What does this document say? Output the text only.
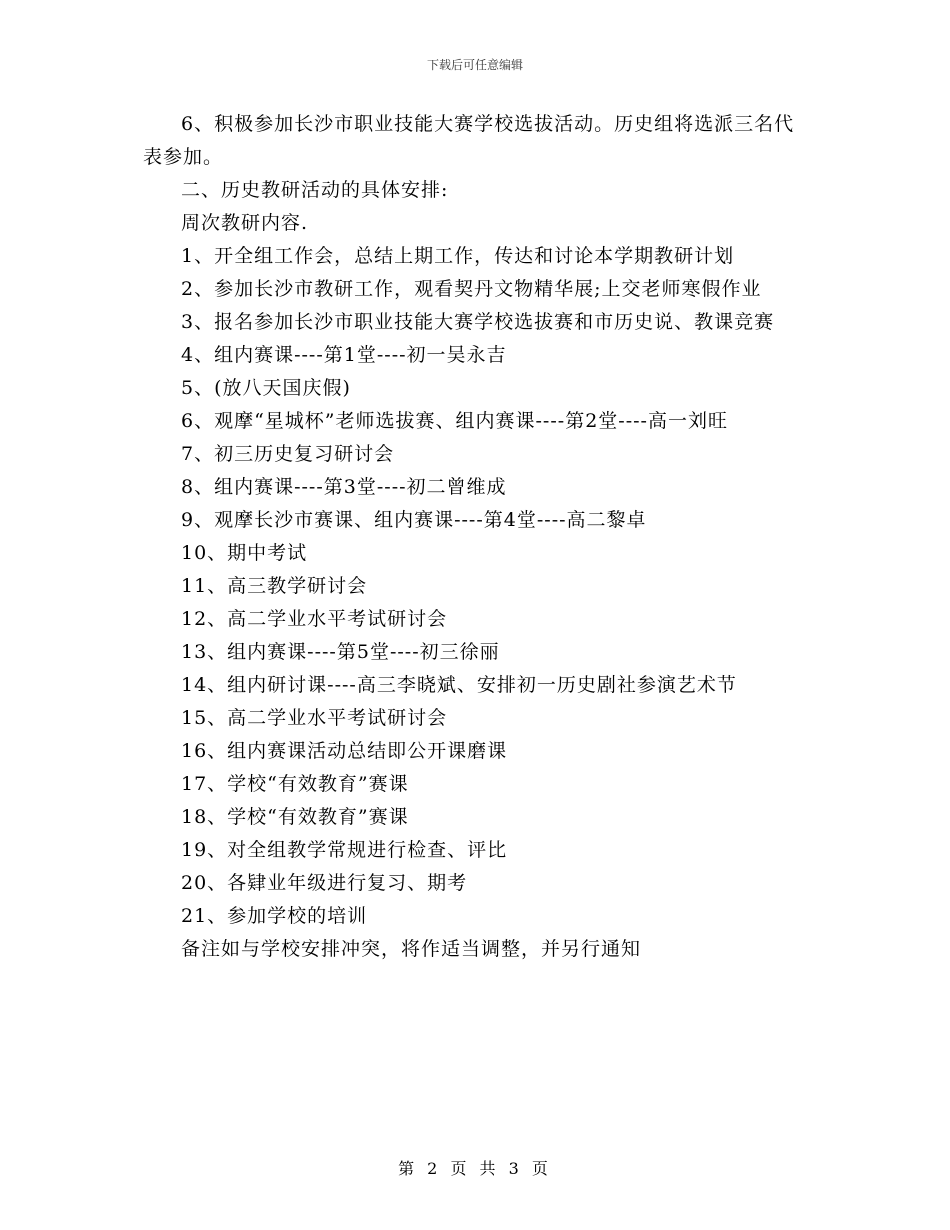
下载后可任意编辑

6、积极参加长沙市职业技能大赛学校选拔活动。历史组将选派三名代表参加。

二、历史教研活动的具体安排:

周次教研内容.

1、开全组工作会，总结上期工作，传达和讨论本学期教研计划

2、参加长沙市教研工作，观看契丹文物精华展;上交老师寒假作业

3、报名参加长沙市职业技能大赛学校选拔赛和市历史说、教课竞赛

4、组内赛课----第1堂----初一吴永吉

5、(放八天国庆假)

6、观摩“星城杯”老师选拔赛、组内赛课----第2堂----高一刘旺

7、初三历史复习研讨会

8、组内赛课----第3堂----初二曾维成

9、观摩长沙市赛课、组内赛课----第4堂----高二黎卓

10、期中考试

11、高三教学研讨会

12、高二学业水平考试研讨会

13、组内赛课----第5堂----初三徐丽

14、组内研讨课----高三李晓斌、安排初一历史剧社参演艺术节

15、高二学业水平考试研讨会

16、组内赛课活动总结即公开课磨课

17、学校“有效教育”赛课

18、学校“有效教育”赛课

19、对全组教学常规进行检查、评比

20、各肄业年级进行复习、期考

21、参加学校的培训

备注如与学校安排冲突，将作适当调整，并另行通知

第 2 页 共 3 页
